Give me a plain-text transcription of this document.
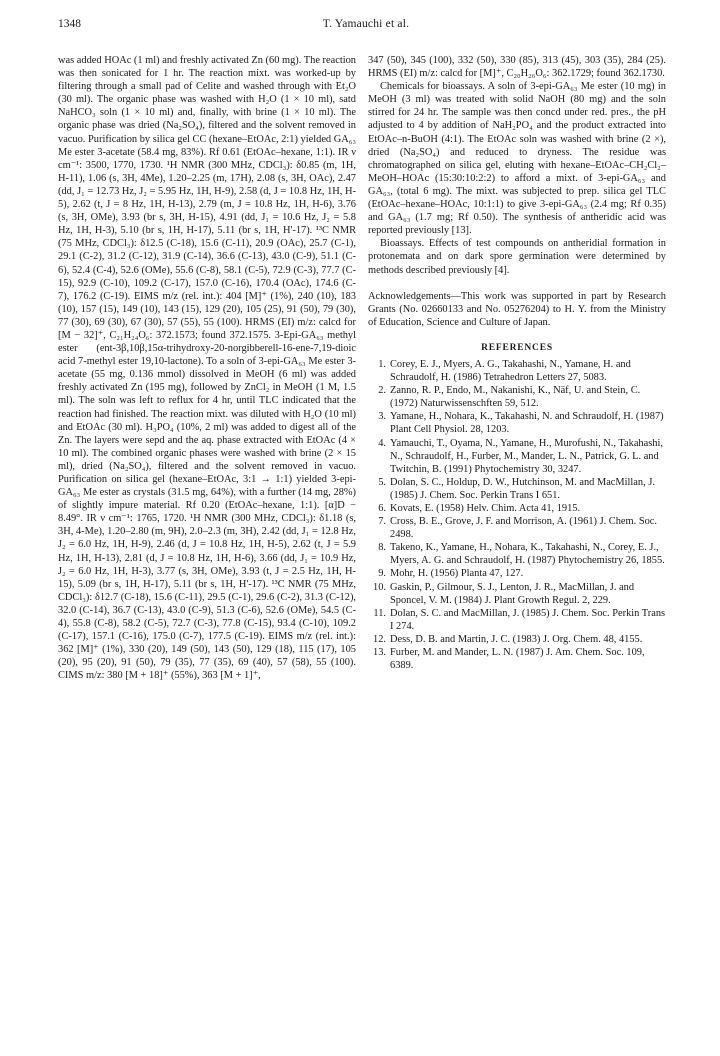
1348	T. Yamauchi et al.

was added HOAc (1 ml) and freshly activated Zn (60 mg). The reaction was then sonicated for 1 hr. The reaction mixt. was worked-up by filtering through a small pad of Celite and washed through with Et₂O (30 ml). The organic phase was washed with H₂O (1 × 10 ml), satd NaHCO₃ soln (1 × 10 ml) and, finally, with brine (1 × 10 ml). The organic phase was dried (Na₂SO₄), filtered and the solvent removed in vacuo. Purification by silica gel CC (hexane–EtOAc, 2:1) yielded GA₆₃ Me ester 3-acetate (58.4 mg, 83%). Rf 0.61 (EtOAc–hexane, 1:1). IR ν cm⁻¹: 3500, 1770, 1730. ¹H NMR (300 MHz, CDCl₃): δ0.85 (m, 1H, H-11), 1.06 (s, 3H, 4Me), 1.20–2.25 (m, 17H), 2.08 (s, 3H, OAc), 2.47 (dd, J₁ = 12.73 Hz, J₂ = 5.95 Hz, 1H, H-9), 2.58 (d, J = 10.8 Hz, 1H, H-5), 2.62 (t, J = 8 Hz, 1H, H-13), 2.79 (m, J = 10.8 Hz, 1H, H-6), 3.76 (s, 3H, OMe), 3.93 (br s, 3H, H-15), 4.91 (dd, J₁ = 10.6 Hz, J₂ = 5.8 Hz, 1H, H-3), 5.10 (br s, 1H, H-17), 5.11 (br s, 1H, H'-17). ¹³C NMR (75 MHz, CDCl₃): δ12.5 (C-18), 15.6 (C-11), 20.9 (OAc), 25.7 (C-1), 29.1 (C-2), 31.2 (C-12), 31.9 (C-14), 36.6 (C-13), 43.0 (C-9), 51.1 (C-6), 52.4 (C-4), 52.6 (OMe), 55.6 (C-8), 58.1 (C-5), 72.9 (C-3), 77.7 (C-15), 92.9 (C-10), 109.2 (C-17), 157.0 (C-16), 170.4 (OAc), 174.6 (C-7), 176.2 (C-19). EIMS m/z (rel. int.): 404 [M]⁺ (1%), 240 (10), 183 (10), 157 (15), 149 (10), 143 (15), 129 (20), 105 (25), 91 (50), 79 (30), 77 (30), 69 (30), 67 (30), 57 (55), 55 (100). HRMS (EI) m/z: calcd for [M − 32]⁺, C₂₁H₂₄O₆: 372.1573; found 372.1575. 3-Epi-GA₆₃ methyl ester (ent-3β,10β,15α-trihydroxy-20-norgibberell-16-ene-7,19-dioic acid 7-methyl ester 19,10-lactone). To a soln of 3-epi-GA₆₃ Me ester 3-acetate (55 mg, 0.136 mmol) dissolved in MeOH (6 ml) was added freshly activated Zn (195 mg), followed by ZnCl₂ in MeOH (1 M, 1.5 ml). The soln was left to reflux for 4 hr, until TLC indicated that the reaction had finished. The reaction mixt. was diluted with H₂O (10 ml) and EtOAc (30 ml). H₃PO₄ (10%, 2 ml) was added to digest all of the Zn. The layers were sepd and the aq. phase extracted with EtOAc (4 × 10 ml). The combined organic phases were washed with brine (2 × 15 ml), dried (Na₂SO₄), filtered and the solvent removed in vacuo. Purification on silica gel (hexane–EtOAc, 3:1 → 1:1) yielded 3-epi-GA₆₃ Me ester as crystals (31.5 mg, 64%), with a further (14 mg, 28%) of slightly impure material. Rf 0.20 (EtOAc–hexane, 1:1). [α]D − 8.49°. IR ν cm⁻¹: 1765, 1720. ¹H NMR (300 MHz, CDCl₃): δ1.18 (s, 3H, 4-Me), 1.20–2.80 (m, 9H), 2.0–2.3 (m, 3H), 2.42 (dd, J₁ = 12.8 Hz, J₂ = 6.0 Hz, 1H, H-9), 2.46 (d, J = 10.8 Hz, 1H, H-5), 2.62 (t, J = 5.9 Hz, 1H, H-13), 2.81 (d, J = 10.8 Hz, 1H, H-6), 3.66 (dd, J₁ = 10.9 Hz, J₂ = 6.0 Hz, 1H, H-3), 3.77 (s, 3H, OMe), 3.93 (t, J = 2.5 Hz, 1H, H-15), 5.09 (br s, 1H, H-17), 5.11 (br s, 1H, H'-17). ¹³C NMR (75 MHz, CDCl₃): δ12.7 (C-18), 15.6 (C-11), 29.5 (C-1), 29.6 (C-2), 31.3 (C-12), 32.0 (C-14), 36.7 (C-13), 43.0 (C-9), 51.3 (C-6), 52.6 (OMe), 54.5 (C-4), 55.8 (C-8), 58.2 (C-5), 72.7 (C-3), 77.8 (C-15), 93.4 (C-10), 109.2 (C-17), 157.1 (C-16), 175.0 (C-7), 177.5 (C-19). EIMS m/z (rel. int.): 362 [M]⁺ (1%), 330 (20), 149 (50), 143 (50), 129 (18), 115 (17), 105 (20), 95 (20), 91 (50), 79 (35), 77 (35), 69 (40), 57 (58), 55 (100). CIMS m/z: 380 [M + 18]⁺ (55%), 363 [M + 1]⁺,

347 (50), 345 (100), 332 (50), 330 (85), 313 (45), 303 (35), 284 (25). HRMS (EI) m/z: calcd for [M]⁺, C₂₀H₂₆O₆: 362.1729; found 362.1730.

Chemicals for bioassays. A soln of 3-epi-GA₆₃ Me ester (10 mg) in MeOH (3 ml) was treated with solid NaOH (80 mg) and the soln stirred for 24 hr. The sample was then concd under red. pres., the pH adjusted to 4 by addition of NaH₂PO₄ and the product extracted into EtOAc–n-BuOH (4:1). The EtOAc soln was washed with brine (2 ×), dried (Na₂SO₄) and reduced to dryness. The residue was chromatographed on silica gel, eluting with hexane–EtOAc–CH₂Cl₂–MeOH–HOAc (15:30:10:2:2) to afford a mixt. of 3-epi-GA₆₃ and GA₆₃, (total 6 mg). The mixt. was subjected to prep. silica gel TLC (EtOAc–hexane–HOAc, 10:1:1) to give 3-epi-GA₆₃ (2.4 mg; Rf 0.35) and GA₆₃ (1.7 mg; Rf 0.50). The synthesis of antheridic acid was reported previously [13].

Bioassays. Effects of test compounds on antheridial formation in protonemata and on dark spore germination were determined by methods described previously [4].

Acknowledgements—This work was supported in part by Research Grants (No. 02660133 and No. 05276204) to H. Y. from the Ministry of Education, Science and Culture of Japan.

REFERENCES

1. Corey, E. J., Myers, A. G., Takahashi, N., Yamane, H. and Schraudolf, H. (1986) Tetrahedron Letters 27, 5083.
2. Zanno, R. P., Endo, M., Nakanishi, K., Näf, U. and Stein, C. (1972) Naturwissenschften 59, 512.
3. Yamane, H., Nohara, K., Takahashi, N. and Schraudolf, H. (1987) Plant Cell Physiol. 28, 1203.
4. Yamauchi, T., Oyama, N., Yamane, H., Murofushi, N., Takahashi, N., Schraudolf, H., Furber, M., Mander, L. N., Patrick, G. L. and Twitchin, B. (1991) Phytochemistry 30, 3247.
5. Dolan, S. C., Holdup, D. W., Hutchinson, M. and MacMillan, J. (1985) J. Chem. Soc. Perkin Trans I 651.
6. Kovats, E. (1958) Helv. Chim. Acta 41, 1915.
7. Cross, B. E., Grove, J. F. and Morrison, A. (1961) J. Chem. Soc. 2498.
8. Takeno, K., Yamane, H., Nohara, K., Takahashi, N., Corey, E. J., Myers, A. G. and Schraudolf, H. (1987) Phytochemistry 26, 1855.
9. Mohr, H. (1956) Planta 47, 127.
10. Gaskin, P., Gilmour, S. J., Lenton, J. R., MacMillan, J. and Sponcel, V. M. (1984) J. Plant Growth Regul. 2, 229.
11. Dolan, S. C. and MacMillan, J. (1985) J. Chem. Soc. Perkin Trans I 274.
12. Dess, D. B. and Martin, J. C. (1983) J. Org. Chem. 48, 4155.
13. Furber, M. and Mander, L. N. (1987) J. Am. Chem. Soc. 109, 6389.
